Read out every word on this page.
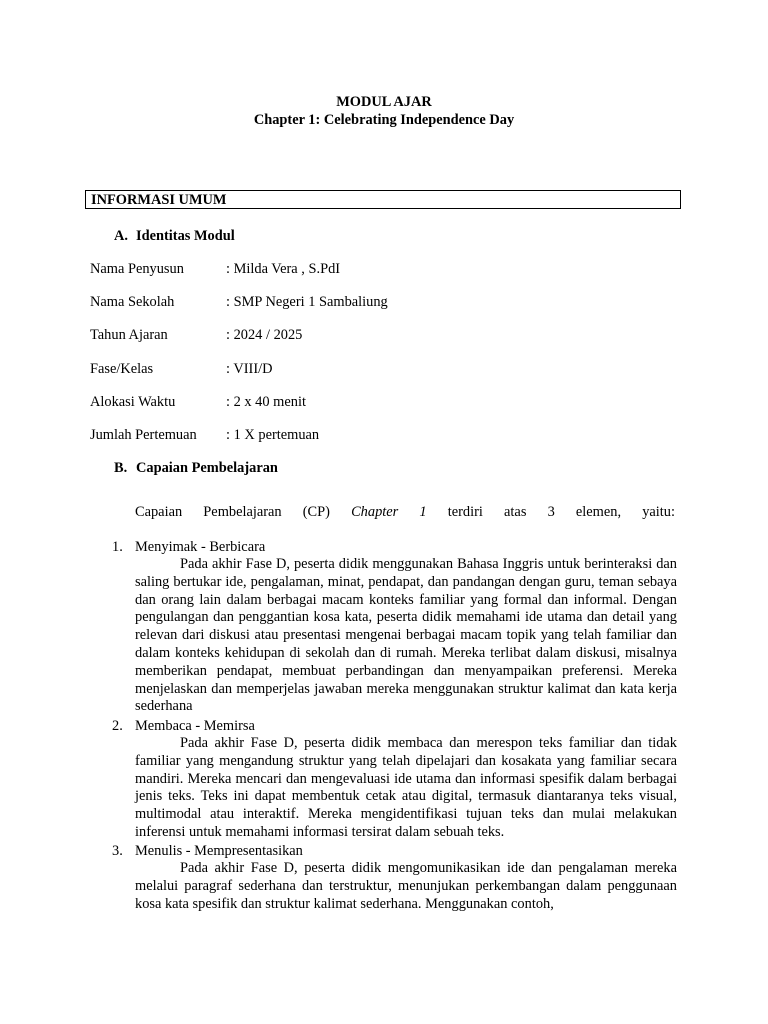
MODUL AJAR
Chapter 1: Celebrating Independence Day
INFORMASI UMUM
A. Identitas Modul
Nama Penyusun	: Milda Vera , S.PdI
Nama Sekolah	: SMP Negeri 1 Sambaliung
Tahun Ajaran	: 2024 / 2025
Fase/Kelas	: VIII/D
Alokasi Waktu	: 2 x 40 menit
Jumlah Pertemuan : 1 X pertemuan
B. Capaian Pembelajaran
Capaian Pembelajaran (CP) Chapter 1 terdiri atas 3 elemen, yaitu:
1. Menyimak - Berbicara

Pada akhir Fase D, peserta didik menggunakan Bahasa Inggris untuk berinteraksi dan saling bertukar ide, pengalaman, minat, pendapat, dan pandangan dengan guru, teman sebaya dan orang lain dalam berbagai macam konteks familiar yang formal dan informal. Dengan pengulangan dan penggantian kosa kata, peserta didik memahami ide utama dan detail yang relevan dari diskusi atau presentasi mengenai berbagai macam topik yang telah familiar dan dalam konteks kehidupan di sekolah dan di rumah. Mereka terlibat dalam diskusi, misalnya memberikan pendapat, membuat perbandingan dan menyampaikan preferensi. Mereka menjelaskan dan memperjelas jawaban mereka menggunakan struktur kalimat dan kata kerja sederhana

2. Membaca - Memirsa

Pada akhir Fase D, peserta didik membaca dan merespon teks familiar dan tidak familiar yang mengandung struktur yang telah dipelajari dan kosakata yang familiar secara mandiri. Mereka mencari dan mengevaluasi ide utama dan informasi spesifik dalam berbagai jenis teks. Teks ini dapat membentuk cetak atau digital, termasuk diantaranya teks visual, multimodal atau interaktif. Mereka mengidentifikasi tujuan teks dan mulai melakukan inferensi untuk memahami informasi tersirat dalam sebuah teks.

3. Menulis - Mempresentasikan

Pada akhir Fase D, peserta didik mengomunikasikan ide dan pengalaman mereka melalui paragraf sederhana dan terstruktur, menunjukan perkembangan dalam penggunaan kosa kata spesifik dan struktur kalimat sederhana. Menggunakan contoh,
